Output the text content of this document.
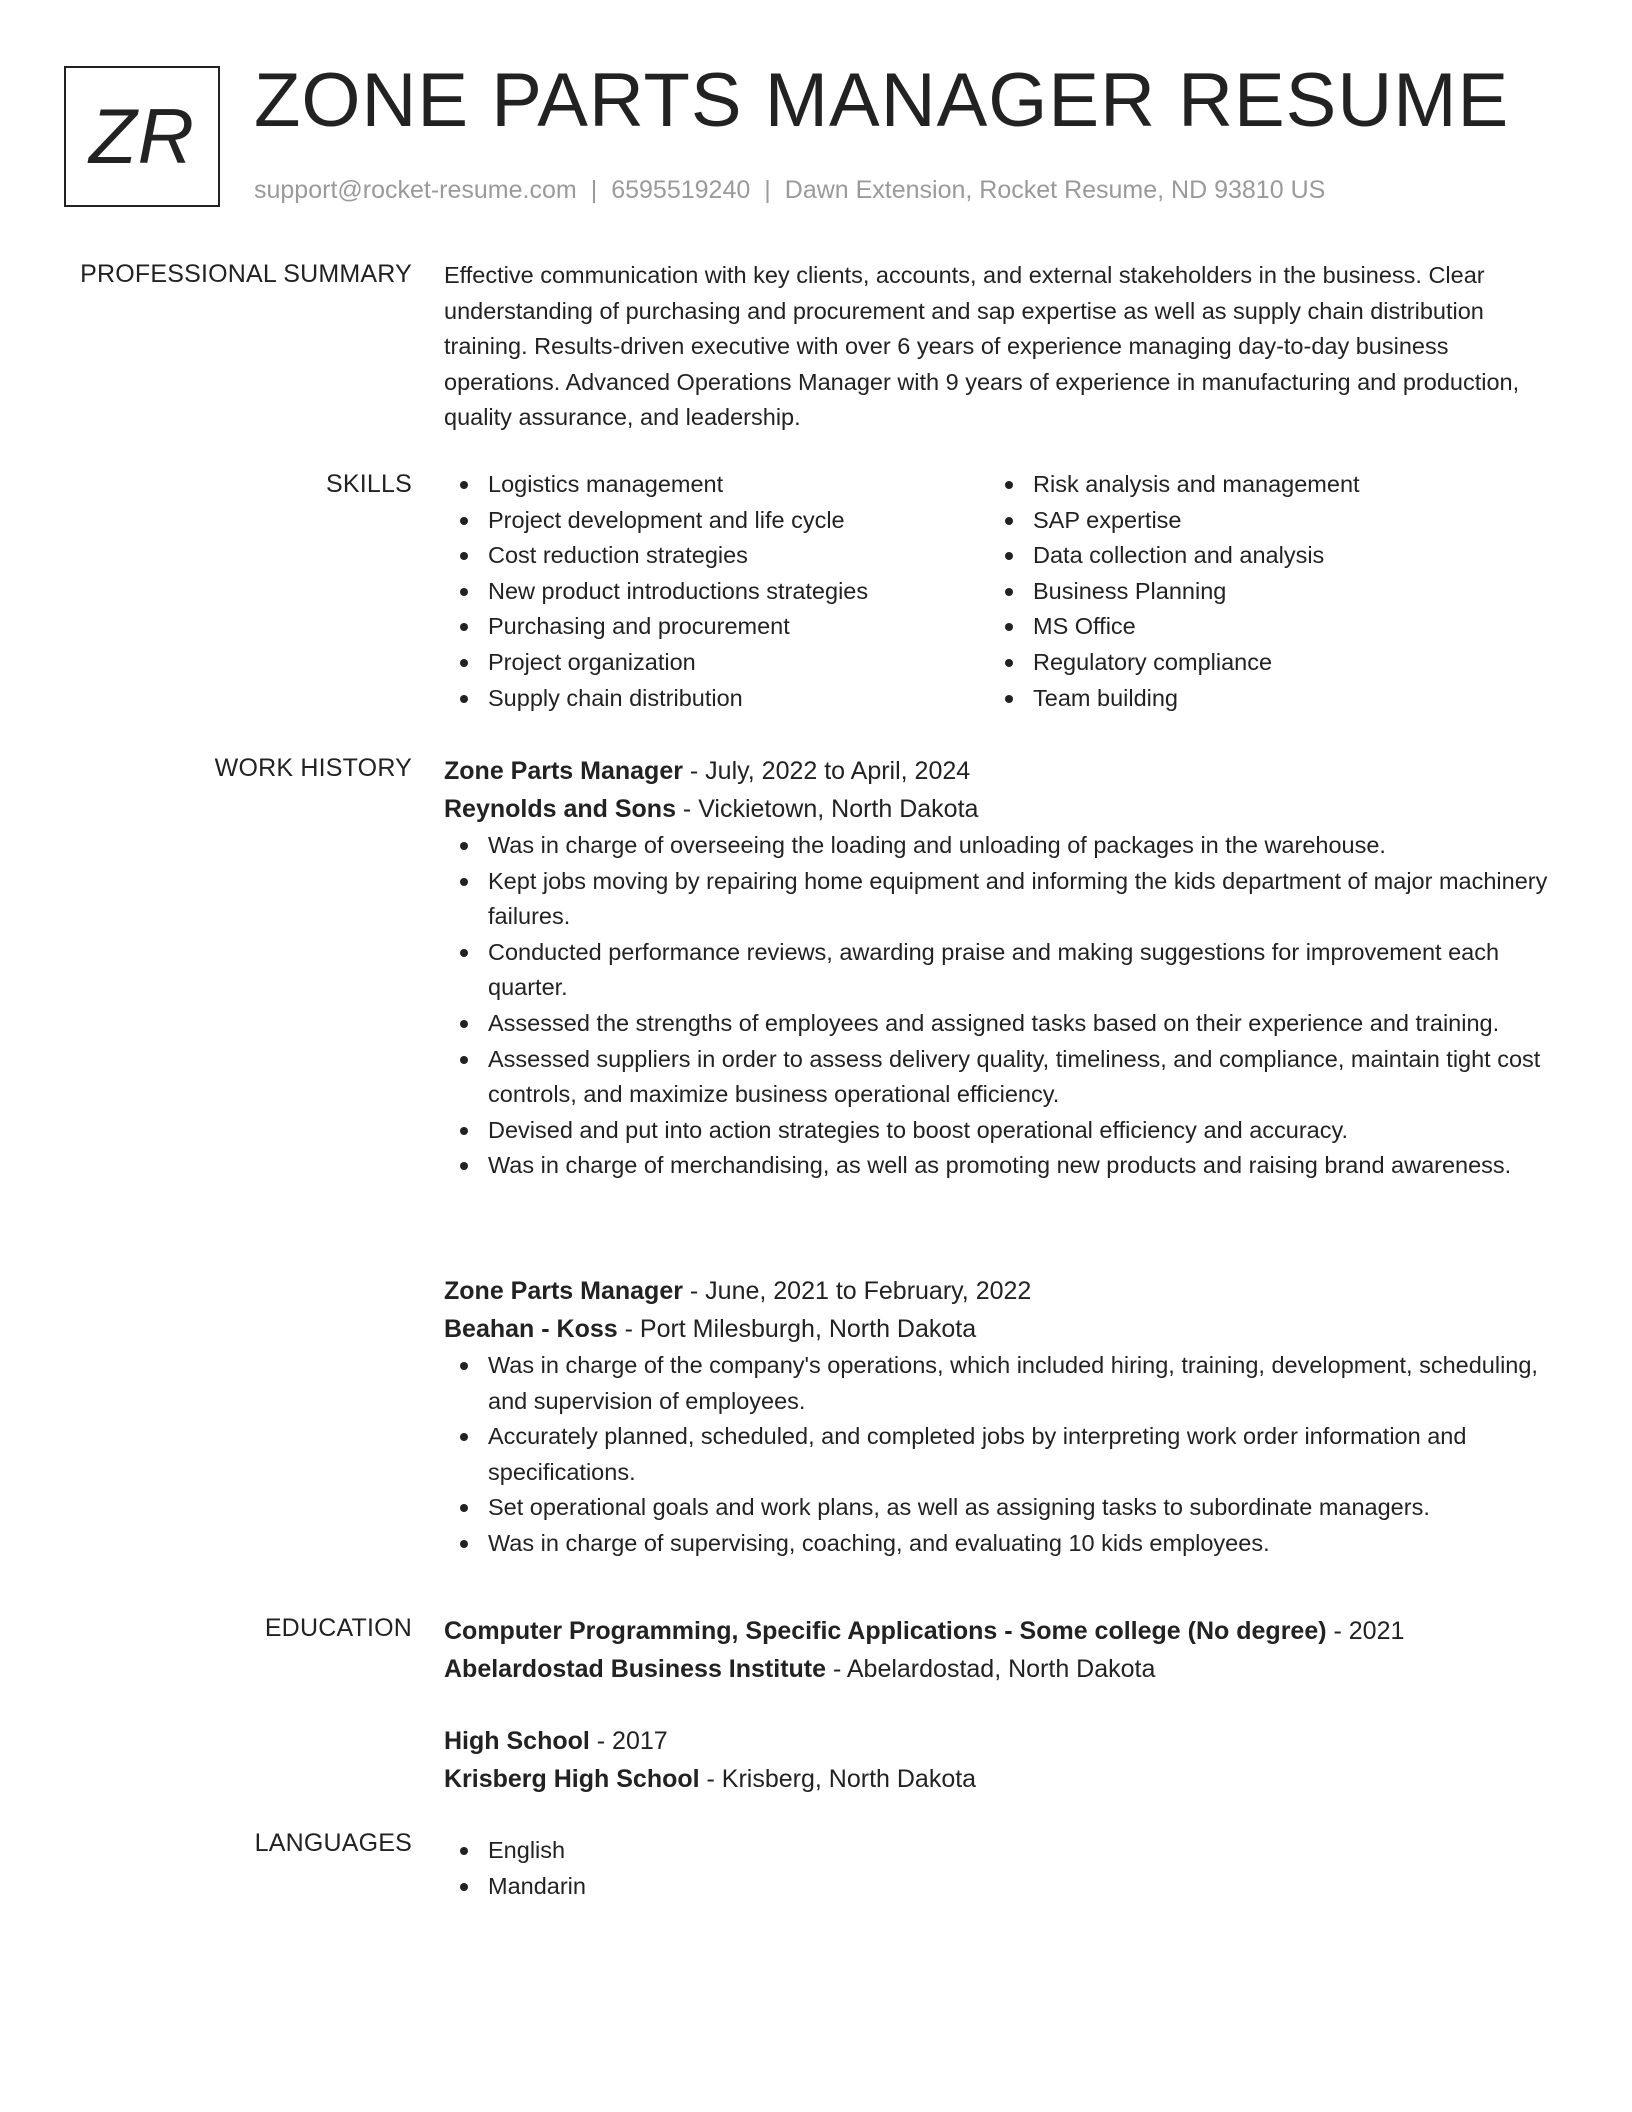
ZR ZONE PARTS MANAGER RESUME
support@rocket-resume.com | 6595519240 | Dawn Extension, Rocket Resume, ND 93810 US
PROFESSIONAL SUMMARY Effective communication with key clients, accounts, and external stakeholders in the business. Clear understanding of purchasing and procurement and sap expertise as well as supply chain distribution training. Results-driven executive with over 6 years of experience managing day-to-day business operations. Advanced Operations Manager with 9 years of experience in manufacturing and production, quality assurance, and leadership.
SKILLS	Logistics management
Project development and life cycle
Cost reduction strategies
New product introductions strategies
Purchasing and procurement
Project organization
Supply chain distribution
Risk analysis and management
SAP expertise
Data collection and analysis
Business Planning
MS Office
Regulatory compliance
Team building
WORK HISTORY Zone Parts Manager - July, 2022 to April, 2024
Reynolds and Sons - Vickietown, North Dakota
Was in charge of overseeing the loading and unloading of packages in the warehouse.
Kept jobs moving by repairing home equipment and informing the kids department of major machinery failures.
Conducted performance reviews, awarding praise and making suggestions for improvement each quarter.
Assessed the strengths of employees and assigned tasks based on their experience and training.
Assessed suppliers in order to assess delivery quality, timeliness, and compliance, maintain tight cost controls, and maximize business operational efficiency.
Devised and put into action strategies to boost operational efficiency and accuracy.
Was in charge of merchandising, as well as promoting new products and raising brand awareness.
Zone Parts Manager - June, 2021 to February, 2022
Beahan - Koss - Port Milesburgh, North Dakota
Was in charge of the company's operations, which included hiring, training, development, scheduling, and supervision of employees.
Accurately planned, scheduled, and completed jobs by interpreting work order information and specifications.
Set operational goals and work plans, as well as assigning tasks to subordinate managers.
Was in charge of supervising, coaching, and evaluating 10 kids employees.
EDUCATION Computer Programming, Specific Applications - Some college (No degree) - 2021
Abelardostad Business Institute - Abelardostad, North Dakota
High School - 2017
Krisberg High School - Krisberg, North Dakota
LANGUAGES	English
Mandarin
